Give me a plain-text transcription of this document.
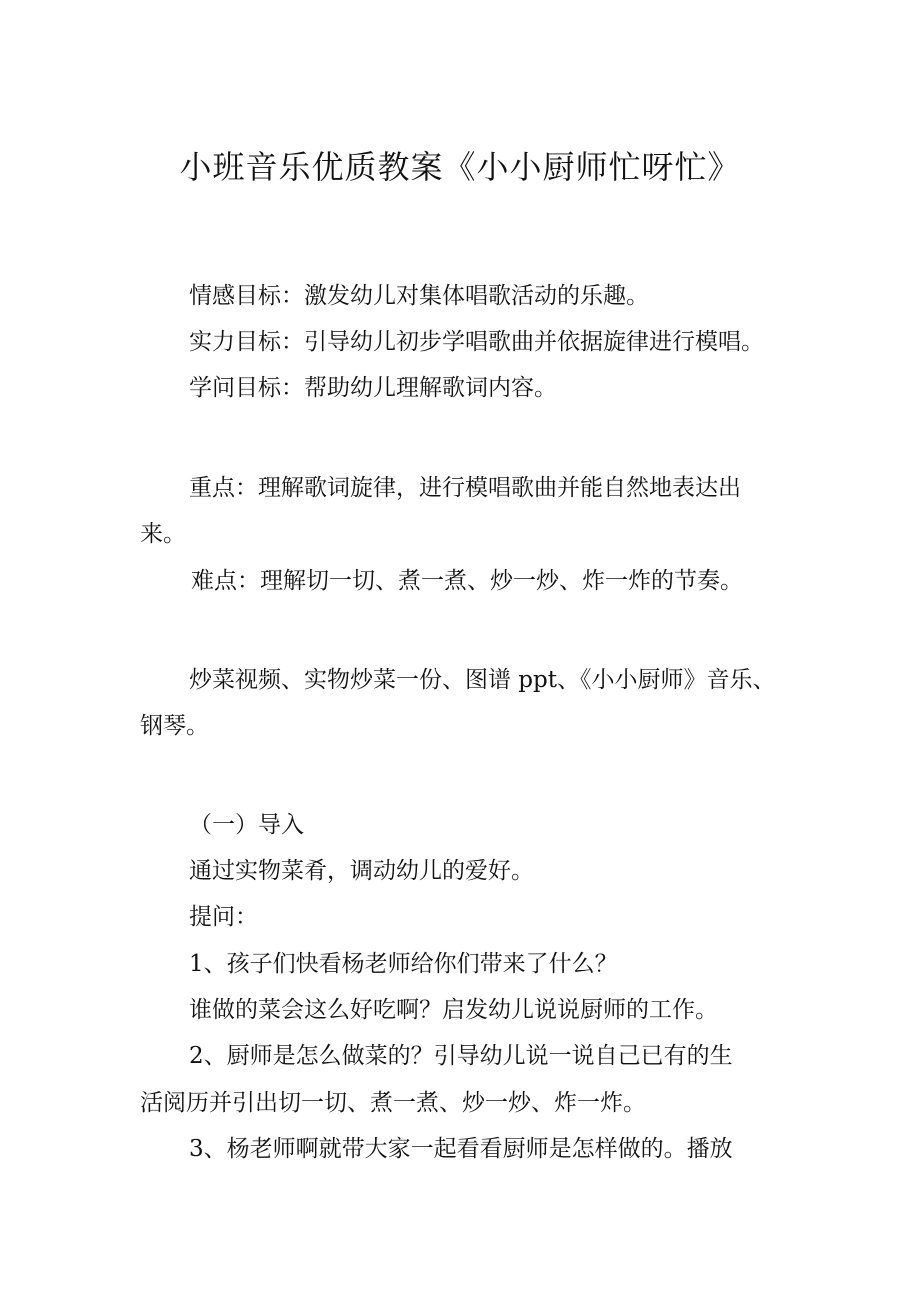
小班音乐优质教案《小小厨师忙呀忙》
情感目标：激发幼儿对集体唱歌活动的乐趣。
实力目标：引导幼儿初步学唱歌曲并依据旋律进行模唱。
学问目标：帮助幼儿理解歌词内容。
重点：理解歌词旋律，进行模唱歌曲并能自然地表达出
来。
难点：理解切一切、煮一煮、炒一炒、炸一炸的节奏。
炒菜视频、实物炒菜一份、图谱 ppt、《小小厨师》音乐、
钢琴。
（一）导入
通过实物菜肴，调动幼儿的爱好。
提问：
1、孩子们快看杨老师给你们带来了什么？
谁做的菜会这么好吃啊？启发幼儿说说厨师的工作。
2、厨师是怎么做菜的？引导幼儿说一说自己已有的生
活阅历并引出切一切、煮一煮、炒一炒、炸一炸。
3、杨老师啊就带大家一起看看厨师是怎样做的。播放
